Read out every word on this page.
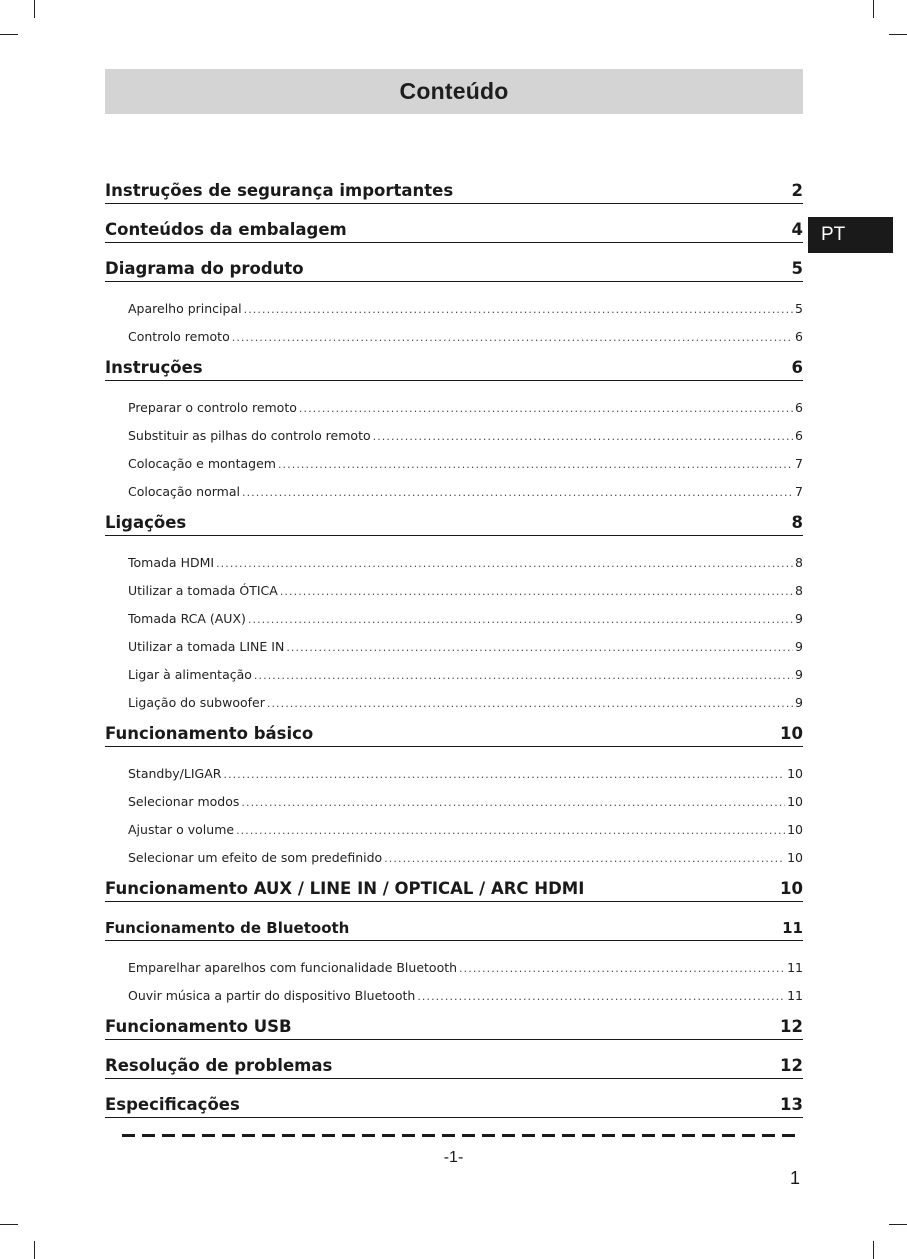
Conteúdo
PT
Instruções de segurança importantes	2
Conteúdos da embalagem	4
Diagrama do produto	5
Aparelho principal . . .	5
Controlo remoto . . .	6
Instruções	6
Preparar o controlo remoto . . .	6
Substituir as pilhas do controlo remoto . . .	6
Colocação e montagem . . .	7
Colocação normal . . .	7
Ligações	8
Tomada HDMI . . .	8
Utilizar a tomada ÓTICA . . .	8
Tomada RCA (AUX) . . .	9
Utilizar a tomada LINE IN . . .	9
Ligar à alimentação . . .	9
Ligação do subwoofer . . .	9
Funcionamento básico	10
Standby/LIGAR . . .	10
Selecionar modos . . .	10
Ajustar o volume . . .	10
Selecionar um efeito de som predefinido . . .	10
Funcionamento AUX / LINE IN / OPTICAL / ARC HDMI	10
Funcionamento de Bluetooth	11
Emparelhar aparelhos com funcionalidade Bluetooth . . .	11
Ouvir música a partir do dispositivo Bluetooth . . .	11
Funcionamento USB	12
Resolução de problemas	12
Especificações	13
-1-
1
